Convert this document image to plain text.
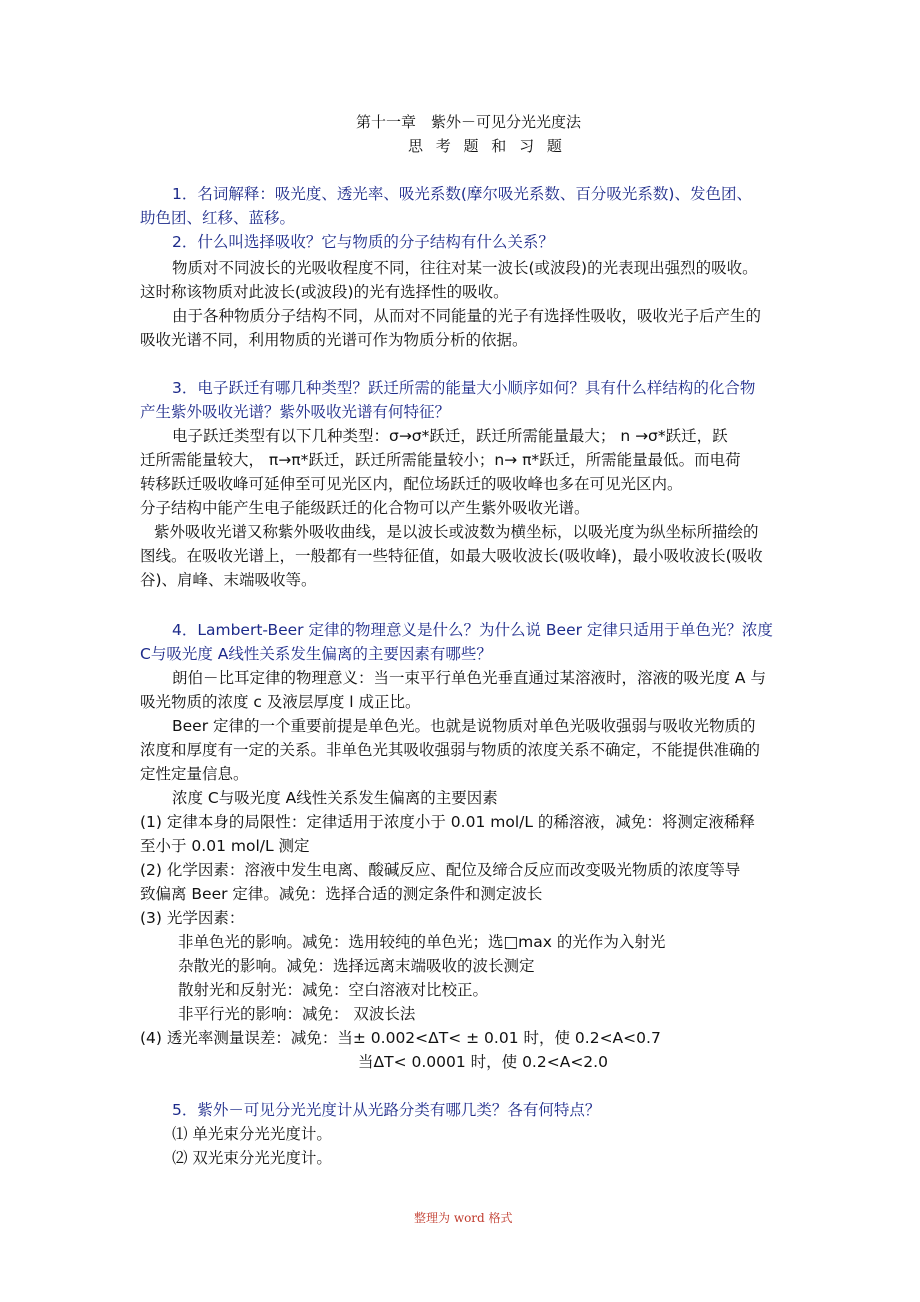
第十一章　紫外－可见分光光度法
思 考 题 和 习 题
1．名词解释：吸光度、透光率、吸光系数(摩尔吸光系数、百分吸光系数)、发色团、
助色团、红移、蓝移。
2．什么叫选择吸收？它与物质的分子结构有什么关系？
物质对不同波长的光吸收程度不同，往往对某一波长(或波段)的光表现出强烈的吸收。
这时称该物质对此波长(或波段)的光有选择性的吸收。
由于各种物质分子结构不同，从而对不同能量的光子有选择性吸收，吸收光子后产生的
吸收光谱不同，利用物质的光谱可作为物质分析的依据。
3．电子跃迁有哪几种类型？跃迁所需的能量大小顺序如何？具有什么样结构的化合物
产生紫外吸收光谱？紫外吸收光谱有何特征？
电子跃迁类型有以下几种类型：σ→σ*跃迁，跃迁所需能量最大； n →σ*跃迁，跃
迁所需能量较大， π→π*跃迁，跃迁所需能量较小；n→ π*跃迁，所需能量最低。而电荷
转移跃迁吸收峰可延伸至可见光区内，配位场跃迁的吸收峰也多在可见光区内。
分子结构中能产生电子能级跃迁的化合物可以产生紫外吸收光谱。
紫外吸收光谱又称紫外吸收曲线，是以波长或波数为横坐标，以吸光度为纵坐标所描绘的
图线。在吸收光谱上，一般都有一些特征值，如最大吸收波长(吸收峰)，最小吸收波长(吸收
谷)、肩峰、末端吸收等。
4．Lambert-Beer 定律的物理意义是什么？为什么说 Beer 定律只适用于单色光？浓度
C与吸光度 A线性关系发生偏离的主要因素有哪些？
朗伯－比耳定律的物理意义：当一束平行单色光垂直通过某溶液时，溶液的吸光度 A 与
吸光物质的浓度 c 及液层厚度 l 成正比。
Beer 定律的一个重要前提是单色光。也就是说物质对单色光吸收强弱与吸收光物质的
浓度和厚度有一定的关系。非单色光其吸收强弱与物质的浓度关系不确定，不能提供准确的
定性定量信息。
浓度 C与吸光度 A线性关系发生偏离的主要因素
(1) 定律本身的局限性：定律适用于浓度小于 0.01 mol/L 的稀溶液，减免：将测定液稀释
至小于 0.01 mol/L 测定
(2) 化学因素：溶液中发生电离、酸碱反应、配位及缔合反应而改变吸光物质的浓度等导
致偏离 Beer 定律。减免：选择合适的测定条件和测定波长
(3) 光学因素：
非单色光的影响。减免：选用较纯的单色光；选□max 的光作为入射光
杂散光的影响。减免：选择远离末端吸收的波长测定
散射光和反射光：减免：空白溶液对比校正。
非平行光的影响：减免： 双波长法
(4) 透光率测量误差：减免：当± 0.002<ΔT< ± 0.01 时，使 0.2<A<0.7
当ΔT< 0.0001 时，使 0.2<A<2.0
5．紫外－可见分光光度计从光路分类有哪几类？各有何特点？
⑴ 单光束分光光度计。
⑵ 双光束分光光度计。
整理为 word 格式
